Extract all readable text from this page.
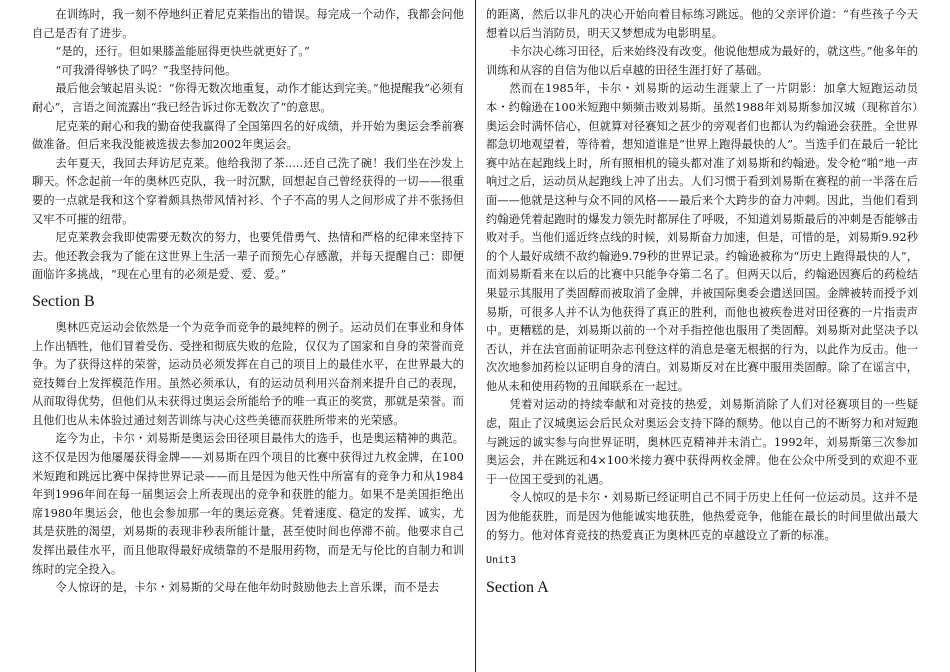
在训练时，我一刻不停地纠正着尼克莱指出的错误。每完成一个动作，我都会问他自己是否有了进步。

“是的，还行。但如果膝盖能屈得更快些就更好了。”

“可我滑得够快了吗？”我坚持问他。

最后他会皱起眉头说：“你得无数次地重复，动作才能达到完美。”他提醒我“必须有耐心”，言语之间流露出“我已经告诉过你无数次了”的意思。

尼克莱的耐心和我的勤奋使我赢得了全国第四名的好成绩，并开始为奥运会季前赛做准备。但后来我没能被选拔去参加2002年奥运会。

去年夏天，我回去拜访尼克莱。他给我沏了茶.....还自己洗了碗！我们坐在沙发上聊天。怀念起前一年的奥林匹克队，我一时沉默，回想起自己曾经获得的一切——很重要的一点就是我和这个穿着颇具热带风情衬衫、个子不高的男人之间形成了并不张扬但又牢不可摧的纽带。

尼克莱教会我即使需要无数次的努力，也要凭借勇气、热情和严格的纪律来坚持下去。他还教会我为了能在这世界上生活一辈子而预先心存感激，并每天提醒自己：即便面临许多挑战，“现在心里有的必须是爱、爱、爱。”

Section B

奥林匹克运动会依然是一个为竞争而竞争的最纯粹的例子。运动员们在事业和身体上作出牺牲，他们冒着受伤、受挫和彻底失败的危险，仅仅为了国家和自身的荣誉而竞争。为了获得这样的荣誉，运动员必须发挥在自己的项目上的最佳水平，在世界最大的竞技舞台上发挥模范作用。虽然必须承认，有的运动员利用兴奋剂来提升自己的表现，从而取得优势，但他们从未获得过奥运会所能给予的唯一真正的奖赏，那就是荣誉。而且他们也从未体验过通过刻苦训练与决心这些美德而获胜所带来的光荣感。

迄今为止，卡尔・刘易斯是奥运会田径项目最伟大的选手，也是奥运精神的典范。这不仅是因为他屡屡获得金牌——刘易斯在四个项目的比赛中获得过九枚金牌，在100米短跑和跳远比赛中保持世界记录——而且是因为他天性中所富有的竞争力和从1984年到1996年间在每一届奥运会上所表现出的竞争和获胜的能力。如果不是美国拒绝出席1980年奥运会，他也会参加那一年的奥运竞赛。凭着速度、稳定的发挥、诚实，尤其是获胜的渴望，刘易斯的表现非秒表所能计量，甚至使时间也停滞不前。他要求自己发挥出最佳水平，而且他取得最好成绩靠的不是服用药物，而是无与伦比的自制力和训练时的完全投入。

令人惊讶的是，卡尔・刘易斯的父母在他年幼时鼓励他去上音乐课，而不是去

的距离，然后以非凡的决心开始向着目标练习跳远。他的父亲评价道：“有些孩子今天想着以后当消防员，明天又梦想成为电影明星。

卡尔决心练习田径，后来始终没有改变。他说他想成为最好的，就这些。”他多年的训练和从容的自信为他以后卓越的田径生涯打好了基础。

然而在1985年，卡尔・刘易斯的运动生涯蒙上了一片阴影：加拿大短跑运动员本・约翰逊在100米短跑中频频击败刘易斯。虽然1988年刘易斯参加汉城（现称首尔）奥运会时满怀信心，但就算对径赛知之甚少的旁观者们也都认为约翰逊会获胜。全世界都急切地观望着，等待着，想知道谁是“世界上跑得最快的人”。当选手们在最后一轮比赛中站在起跑线上时，所有照相机的镜头都对准了刘易斯和约翰逊。发令枪“啪”地一声响过之后，运动员从起跑线上冲了出去。人们习惯于看到刘易斯在赛程的前一半落在后面——他就是这种与众不同的风格——最后来个大跨步的奋力冲刺。因此，当他们看到约翰逊凭着起跑时的爆发力领先时都屏住了呼吸，不知道刘易斯最后的冲刺是否能够击败对手。当他们遥近终点线的时候，刘易斯奋力加速，但是，可惜的是，刘易斯9.92秒的个人最好成绩不敌约翰逊9.79秒的世界记录。约翰逊被称为“历史上跑得最快的人”，而刘易斯看来在以后的比赛中只能争夺第二名了。但两天以后，约翰逊因赛后的药检结果显示其服用了类固醇而被取消了金牌，并被国际奥委会遣送回国。金牌被转而授予刘易斯，可很多人并不认为他获得了真正的胜利，而他也被疾卷进对田径赛的一片指责声中。更糟糕的是，刘易斯以前的一个对手指控他也服用了类固醇。刘易斯对此坚决予以否认，并在法官面前证明杂志刊登这样的消息是毫无根据的行为，以此作为反击。他一次次地参加药检以证明自身的清白。刘易斯反对在比赛中服用类固醇。除了在谣言中，他从未和使用药物的丑闻联系在一起过。

凭着对运动的持续奉献和对竞技的热爱，刘易斯消除了人们对径赛项目的一些疑虑，阻止了汉城奥运会后民众对奥运会支持下降的颓势。他以自己的不断努力和对短跑与跳远的诚实参与向世界证明，奥林匹克精神并未消亡。1992年，刘易斯第三次参加奥运会，并在跳远和4×100米接力赛中获得两枚金牌。他在公众中所受到的欢迎不亚于一位国王受到的礼遇。

令人惊叹的是卡尔・刘易斯已经证明自己不同于历史上任何一位运动员。这并不是因为他能获胜，而是因为他能诚实地获胜，他热爱竞争，他能在最长的时间里做出最大的努力。他对体育竞技的热爱真正为奥林匹克的卓越设立了新的标准。

Unit3
Section A
